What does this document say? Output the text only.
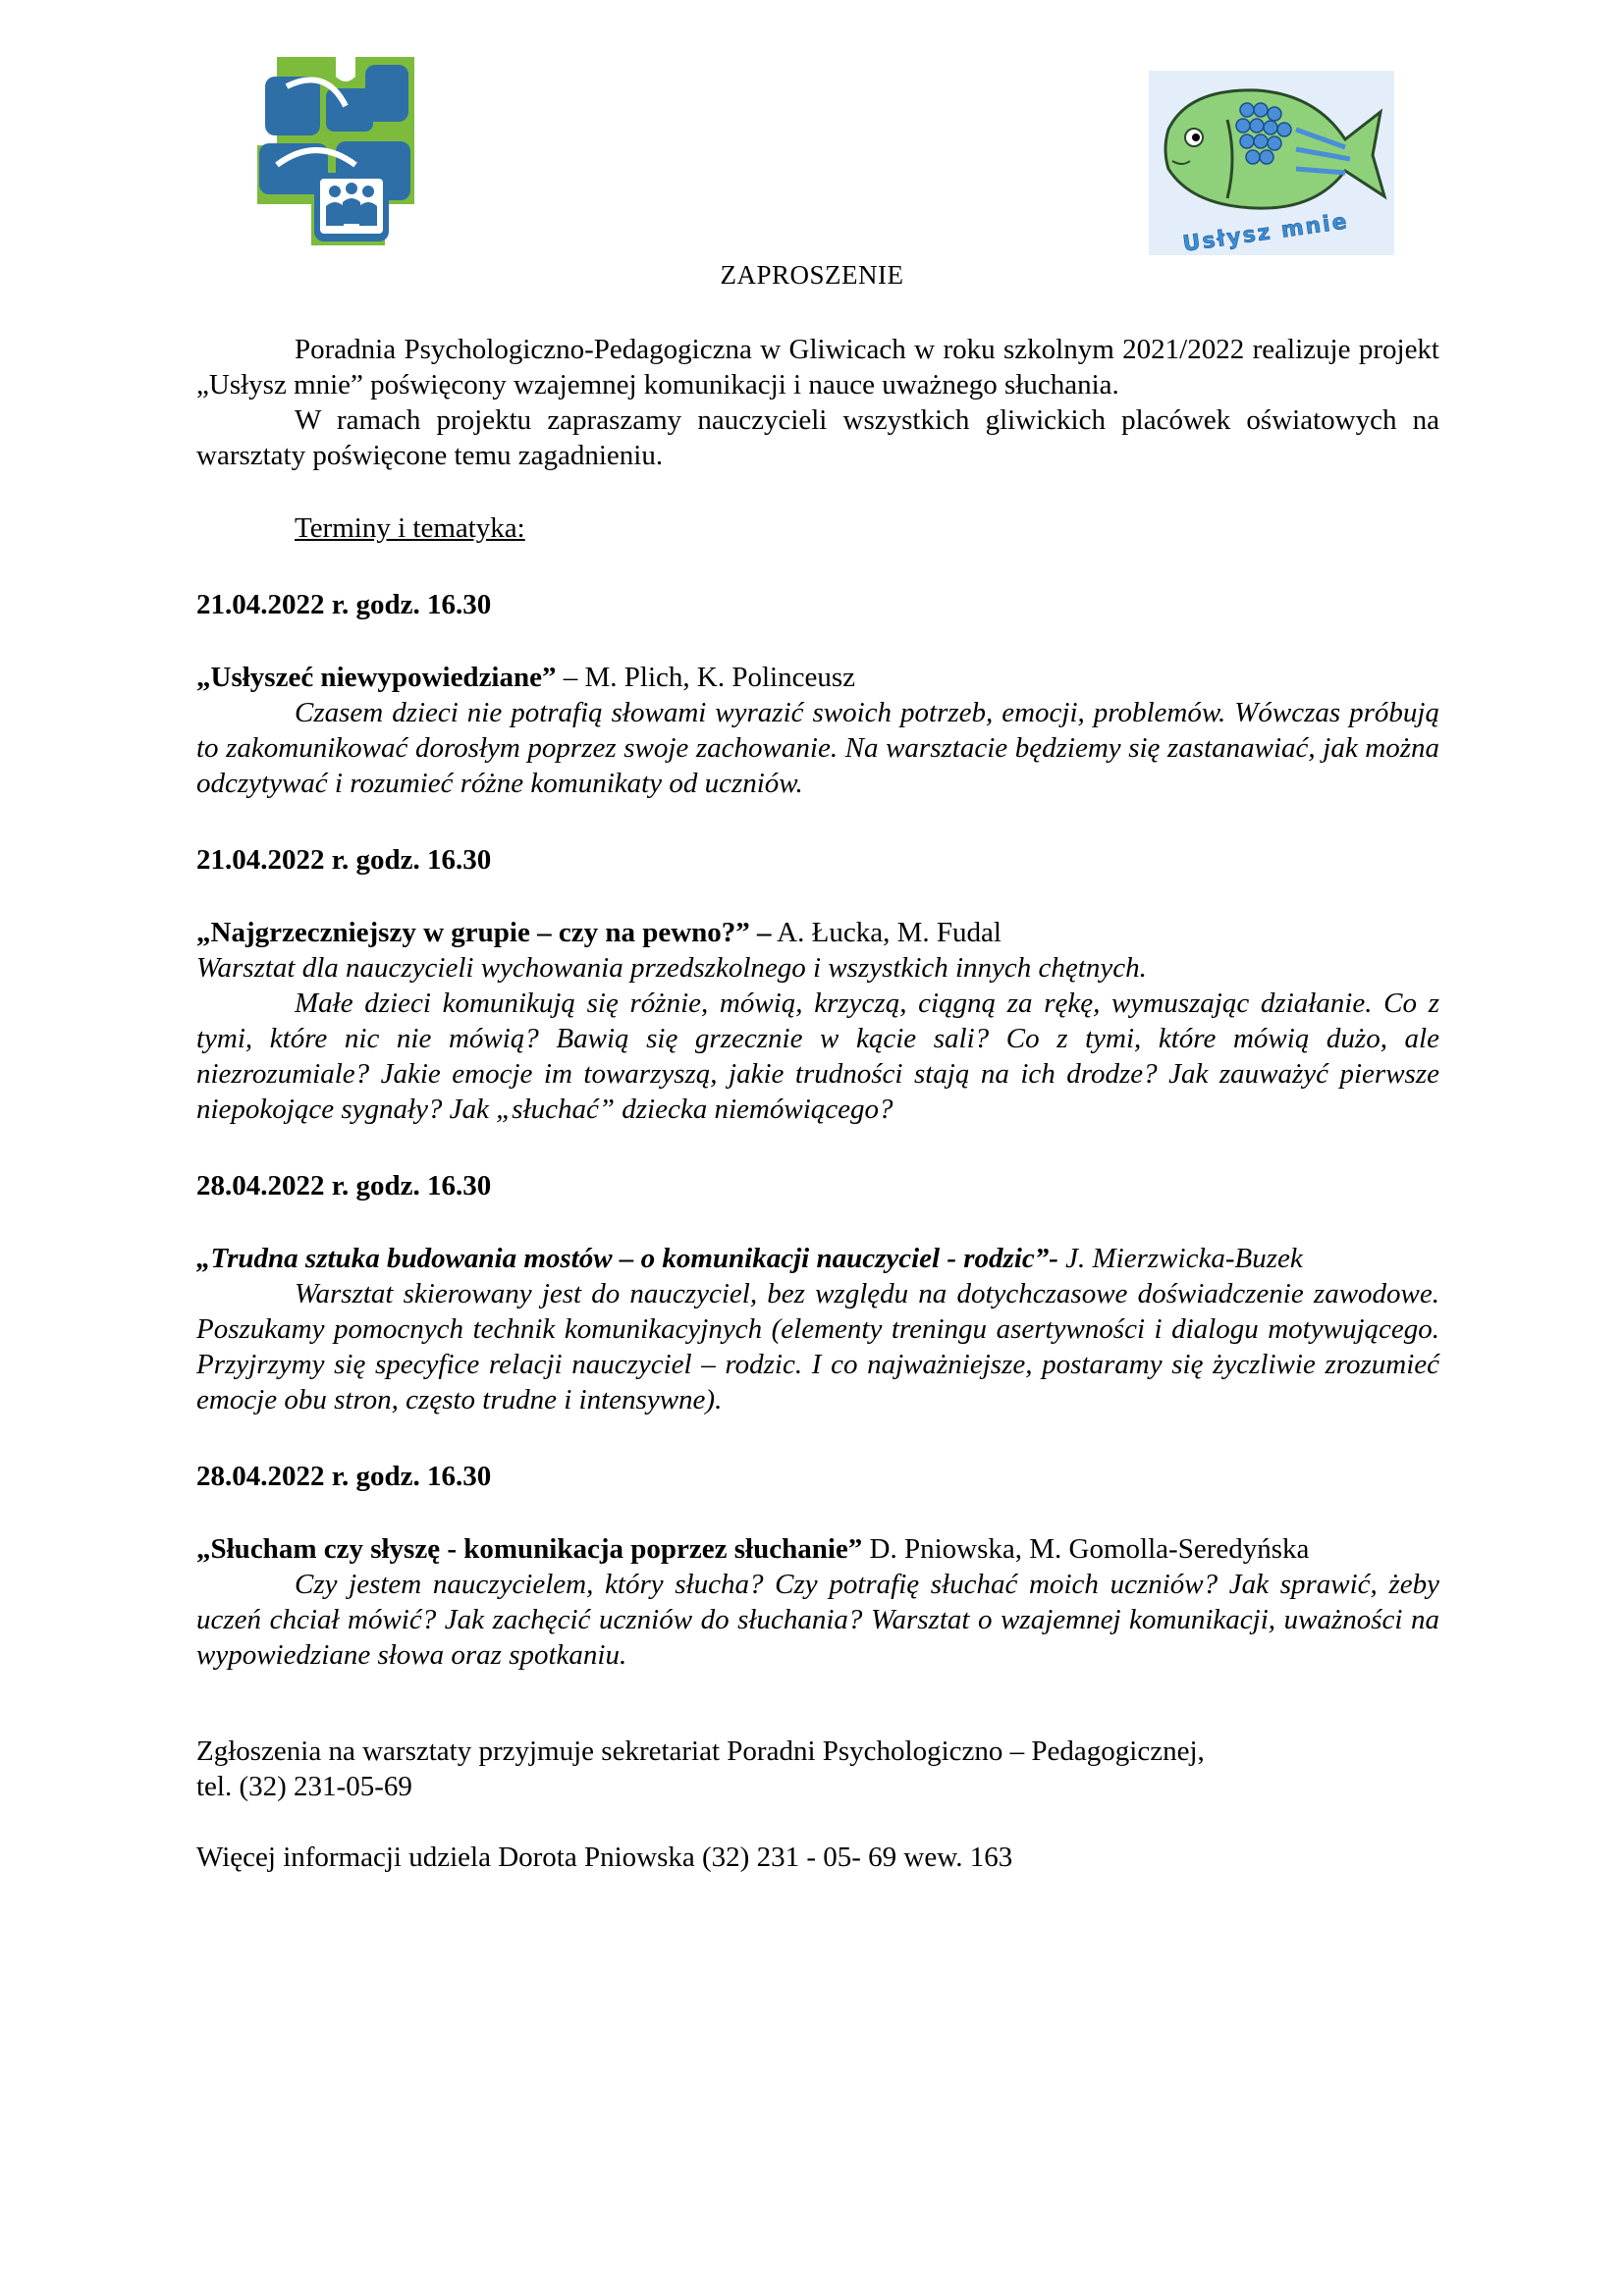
Usłysz mnie
ZAPROSZENIE

Poradnia Psychologiczno-Pedagogiczna w Gliwicach w roku szkolnym 2021/2022 realizuje projekt „Usłysz mnie” poświęcony wzajemnej komunikacji i nauce uważnego słuchania.

W ramach projektu zapraszamy nauczycieli wszystkich gliwickich placówek oświatowych na warsztaty poświęcone temu zagadnieniu.

Terminy i tematyka:

21.04.2022 r. godz. 16.30

„Usłyszeć niewypowiedziane” – M. Plich, K. Polinceusz

Czasem dzieci nie potrafią słowami wyrazić swoich potrzeb, emocji, problemów. Wówczas próbują to zakomunikować dorosłym poprzez swoje zachowanie. Na warsztacie będziemy się zastanawiać, jak można odczytywać i rozumieć różne komunikaty od uczniów.

21.04.2022 r. godz. 16.30

„Najgrzeczniejszy w grupie – czy na pewno?” – A. Łucka, M. Fudal

Warsztat dla nauczycieli wychowania przedszkolnego i wszystkich innych chętnych.

Małe dzieci komunikują się różnie, mówią, krzyczą, ciągną za rękę, wymuszając działanie. Co z tymi, które nic nie mówią? Bawią się grzecznie w kącie sali? Co z tymi, które mówią dużo, ale niezrozumiale? Jakie emocje im towarzyszą, jakie trudności stają na ich drodze? Jak zauważyć pierwsze niepokojące sygnały? Jak „słuchać” dziecka niemówiącego?

28.04.2022 r. godz. 16.30

„Trudna sztuka budowania mostów – o komunikacji nauczyciel - rodzic”- J. Mierzwicka-Buzek

Warsztat skierowany jest do nauczyciel, bez względu na dotychczasowe doświadczenie zawodowe. Poszukamy pomocnych technik komunikacyjnych (elementy treningu asertywności i dialogu motywującego. Przyjrzymy się specyfice relacji nauczyciel – rodzic. I co najważniejsze, postaramy się życzliwie zrozumieć emocje obu stron, często trudne i intensywne).

28.04.2022 r. godz. 16.30

„Słucham czy słyszę - komunikacja poprzez słuchanie” D. Pniowska, M. Gomolla-Seredyńska

Czy jestem nauczycielem, który słucha? Czy potrafię słuchać moich uczniów? Jak sprawić, żeby uczeń chciał mówić? Jak zachęcić uczniów do słuchania? Warsztat o wzajemnej komunikacji, uważności na wypowiedziane słowa oraz spotkaniu.

Zgłoszenia na warsztaty przyjmuje sekretariat Poradni Psychologiczno – Pedagogicznej,

tel. (32) 231-05-69

Więcej informacji udziela Dorota Pniowska (32) 231 - 05- 69 wew. 163
